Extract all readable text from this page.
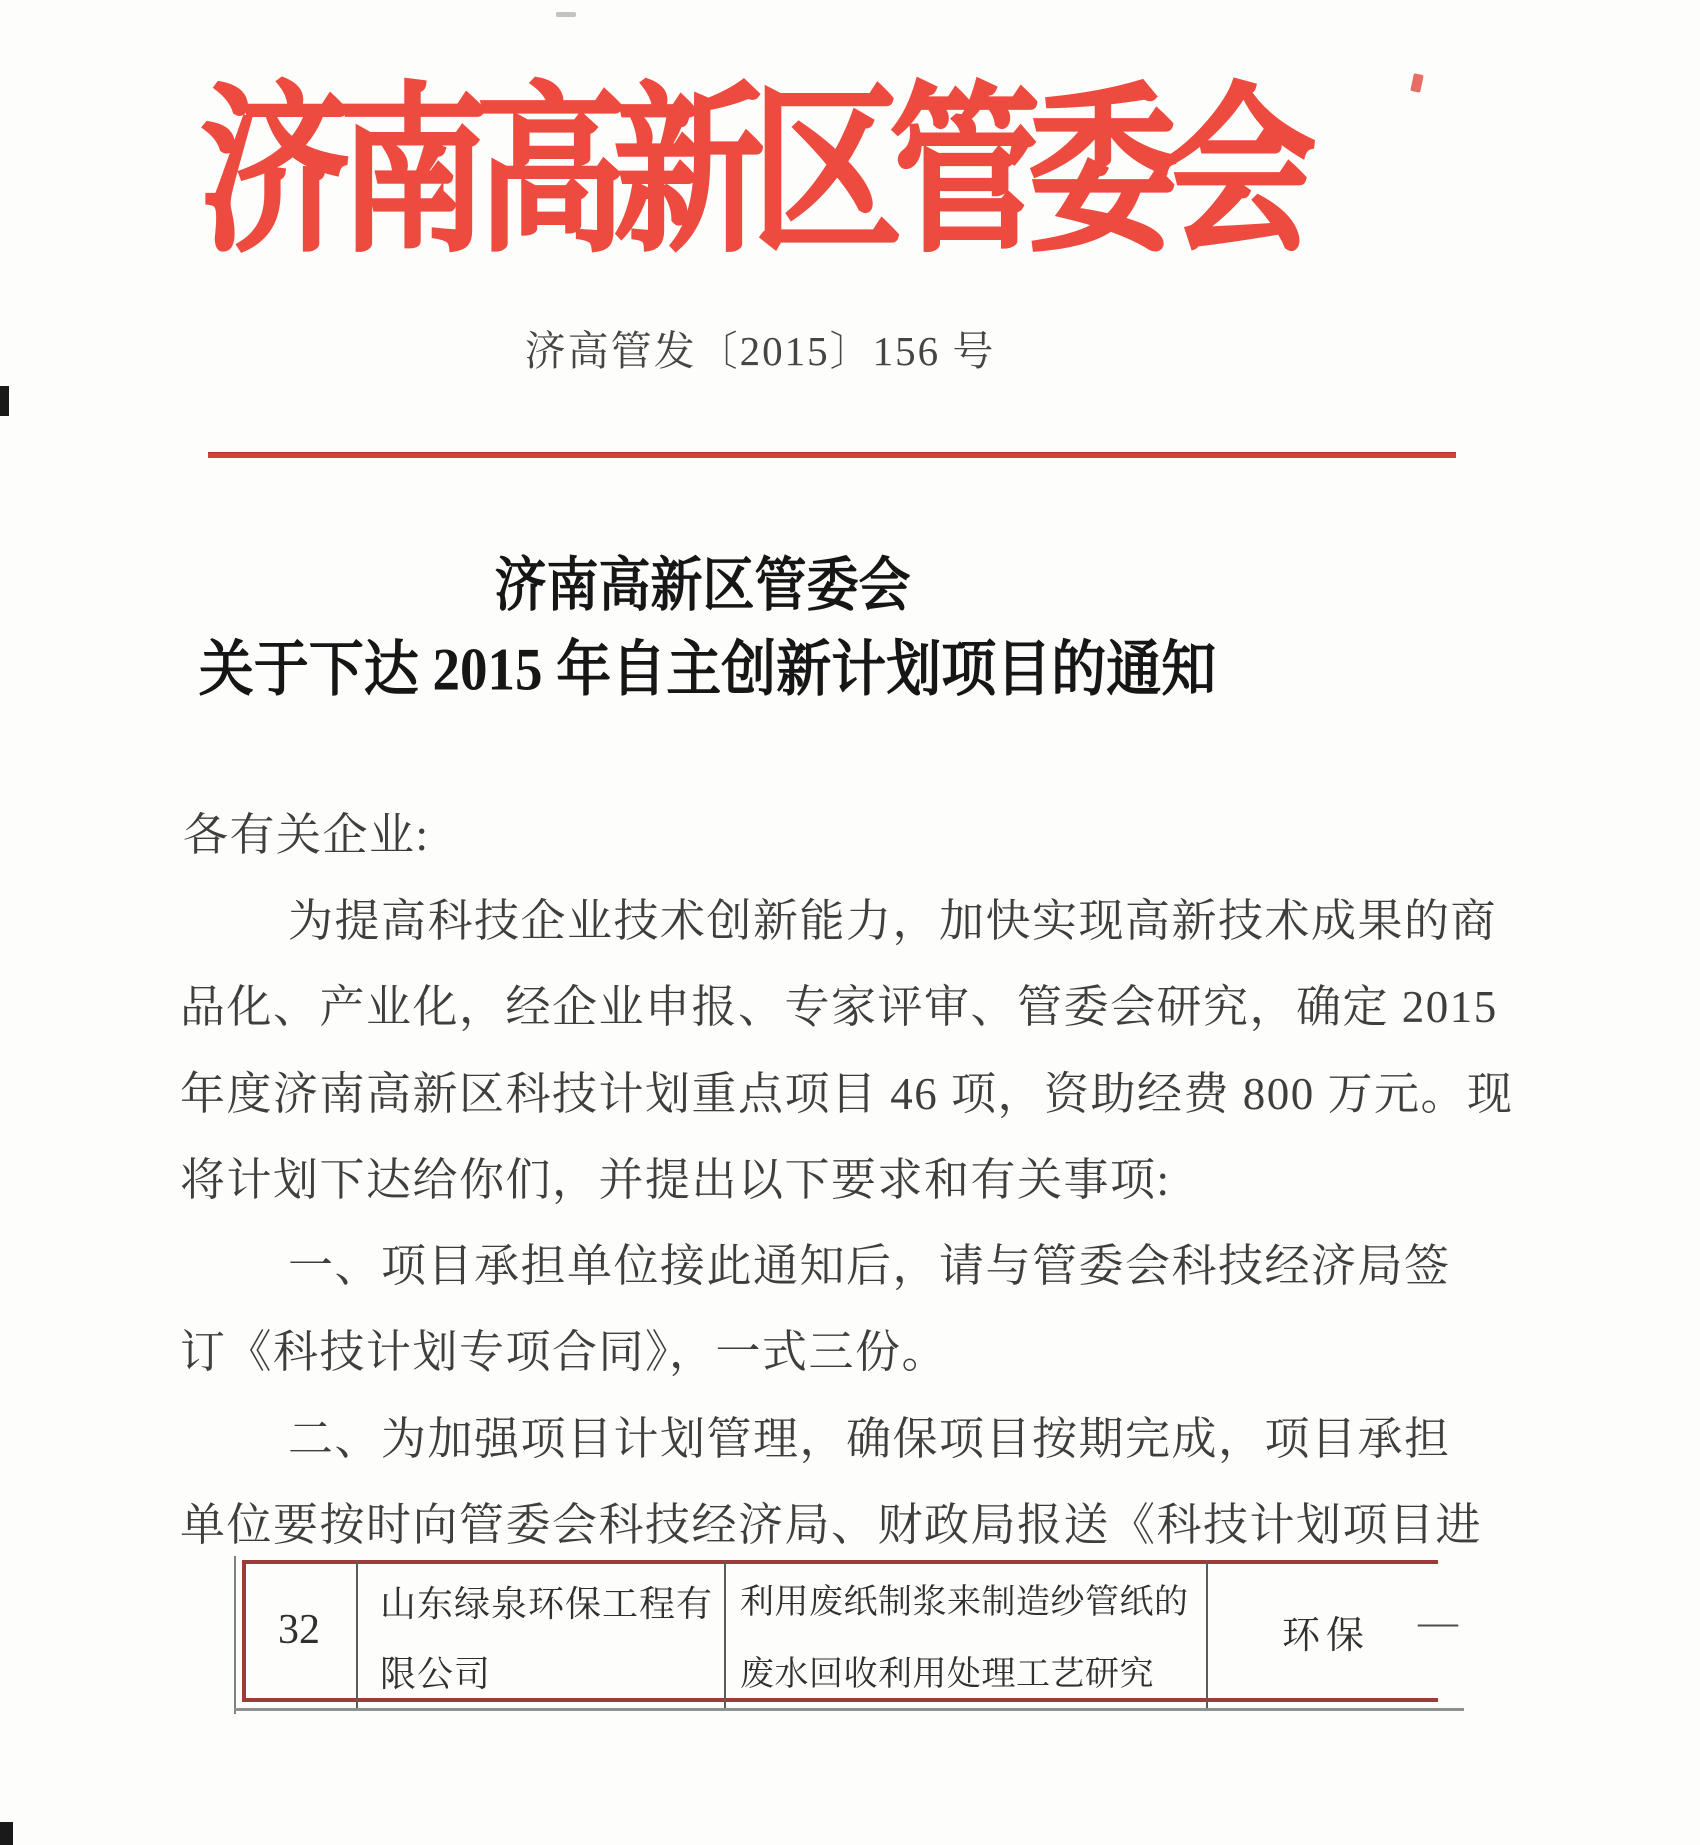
济南高新区管委会
济高管发〔2015〕156 号
济南高新区管委会
关于下达 2015 年自主创新计划项目的通知
各有关企业:
为提高科技企业技术创新能力，加快实现高新技术成果的商
品化、产业化，经企业申报、专家评审、管委会研究，确定 2015
年度济南高新区科技计划重点项目 46 项，资助经费 800 万元。现
将计划下达给你们，并提出以下要求和有关事项:
一、项目承担单位接此通知后，请与管委会科技经济局签
订《科技计划专项合同》，一式三份。
二、为加强项目计划管理，确保项目按期完成，项目承担
单位要按时向管委会科技经济局、财政局报送《科技计划项目进
32
山东绿泉环保工程有
限公司
利用废纸制浆来制造纱管纸的
废水回收利用处理工艺研究
环保 —
